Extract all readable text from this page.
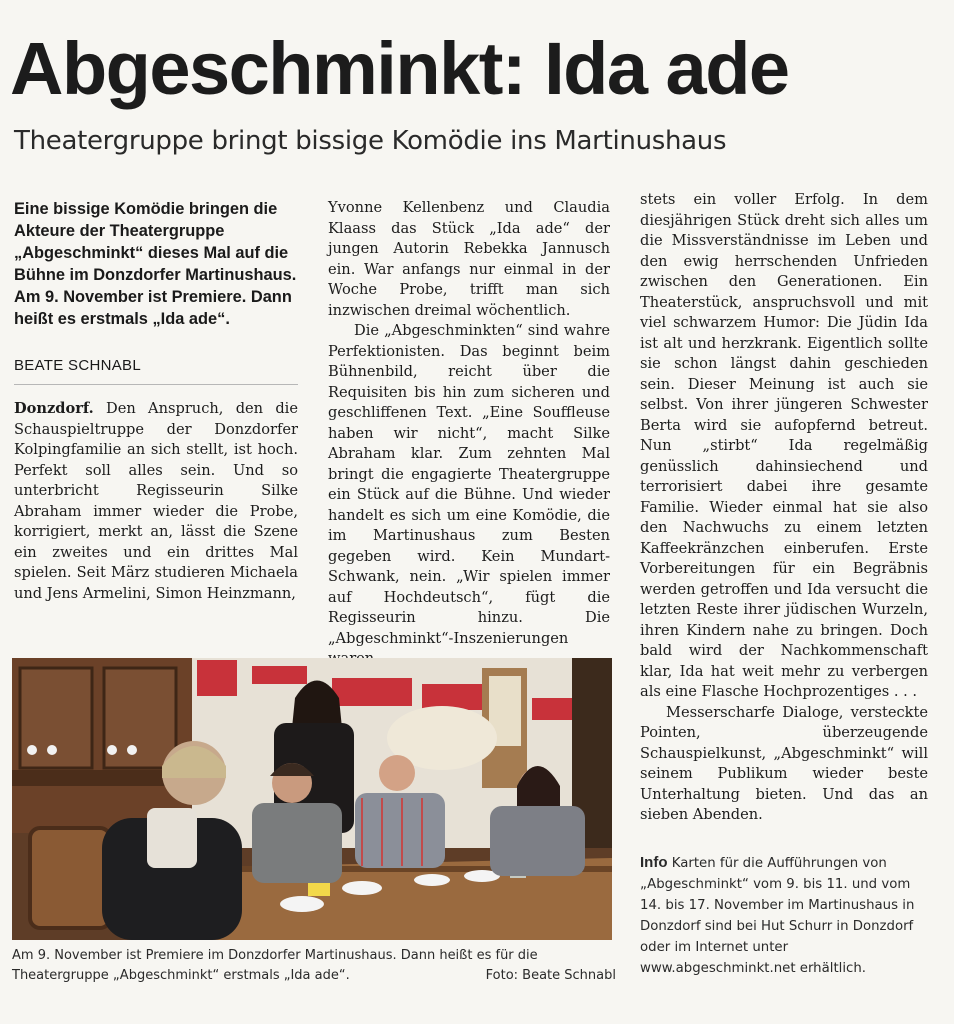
Abgeschminkt: Ida ade
Theatergruppe bringt bissige Komödie ins Martinushaus

Eine bissige Komödie bringen die Akteure der Theatergruppe „Abgeschminkt“ dieses Mal auf die Bühne im Donzdorfer Martinushaus. Am 9. November ist Premiere. Dann heißt es erstmals „Ida ade“.

BEATE SCHNABL

Donzdorf. Den Anspruch, den die Schauspieltruppe der Donzdorfer Kolpingfamilie an sich stellt, ist hoch. Perfekt soll alles sein. Und so unterbricht Regisseurin Silke Abraham immer wieder die Probe, korrigiert, merkt an, lässt die Szene ein zweites und ein drittes Mal spielen. Seit März studieren Michaela und Jens Armelini, Simon Heinzmann,

Yvonne Kellenbenz und Claudia Klaass das Stück „Ida ade“ der jungen Autorin Rebekka Jannusch ein. War anfangs nur einmal in der Woche Probe, trifft man sich inzwischen dreimal wöchentlich.

Die „Abgeschminkten“ sind wahre Perfektionisten. Das beginnt beim Bühnenbild, reicht über die Requisiten bis hin zum sicheren und geschliffenen Text. „Eine Souffleuse haben wir nicht“, macht Silke Abraham klar. Zum zehnten Mal bringt die engagierte Theatergruppe ein Stück auf die Bühne. Und wieder handelt es sich um eine Komödie, die im Martinushaus zum Besten gegeben wird. Kein Mundart-Schwank, nein. „Wir spielen immer auf Hochdeutsch“, fügt die Regisseurin hinzu. Die „Abgeschminkt“-Inszenierungen

stets ein voller Erfolg. In dem diesjährigen Stück dreht sich alles um die Missverständnisse im Leben und den ewig herrschenden Unfrieden zwischen den Generationen. Ein Theaterstück, anspruchsvoll und mit viel schwarzem Humor: Die Jüdin Ida ist alt und herzkrank. Eigentlich sollte sie schon längst dahin geschieden sein. Dieser Meinung ist auch sie selbst. Von ihrer jüngeren Schwester Berta wird sie aufopfernd betreut. Nun „stirbt“ Ida regelmäßig genüsslich dahinsiechend und terrorisiert dabei ihre gesamte Familie. Wieder einmal hat sie also den Nachwuchs zu einem letzten Kaffeekränzchen einberufen. Erste Vorbereitungen für ein Begräbnis werden getroffen und Ida versucht die letzten Reste ihrer jüdischen Wurzeln, ihren Kindern nahe zu bringen. Doch bald wird der Nachkommenschaft klar, Ida hat weit mehr zu verbergen als eine Flasche Hochprozentiges . . .

Messerscharfe Dialoge, versteckte Pointen, überzeugende Schauspielkunst, „Abgeschminkt“ will seinem Publikum wieder beste Unterhaltung bieten. Und das an sieben Abenden.

Am 9. November ist Premiere im Donzdorfer Martinushaus. Dann heißt es für die Theatergruppe „Abgeschminkt“ erstmals „Ida ade“.	Foto: Beate Schnabl
Info Karten für die Aufführungen von „Abgeschminkt“ vom 9. bis 11. und vom 14. bis 17. November im Martinushaus in Donzdorf sind bei Hut Schurr in Donzdorf oder im Internet unter www.abgeschminkt.net erhältlich.
